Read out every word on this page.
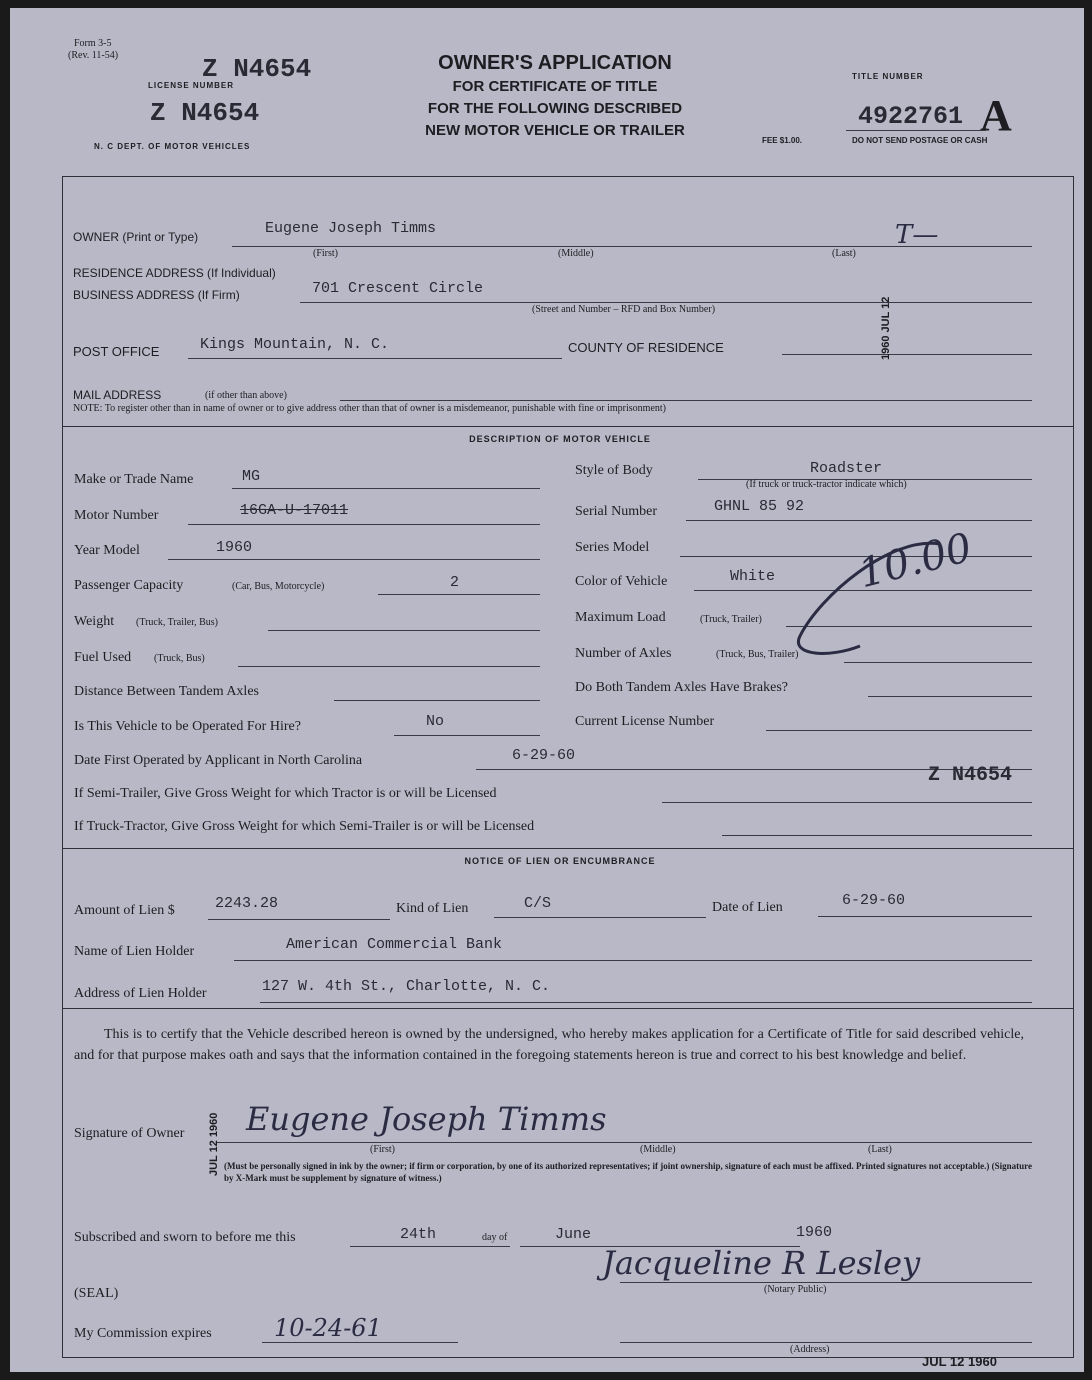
Form 3-5
(Rev. 11-54)	Z N4654
LICENSE NUMBER
Z N4654
N. C DEPT. OF MOTOR VEHICLES
OWNER'S APPLICATION
FOR CERTIFICATE OF TITLE
FOR THE FOLLOWING DESCRIBED
NEW MOTOR VEHICLE OR TRAILER
TITLE NUMBER
4922761 A
FEE $1.00.	DO NOT SEND POSTAGE OR CASH
OWNER (Print or Type)	Eugene Joseph Timms	T—
(First)	(Middle)	(Last)
RESIDENCE ADDRESS (If Individual)
BUSINESS ADDRESS (If Firm)	701 Crescent Circle
(Street and Number – RFD and Box Number)
POST OFFICE	Kings Mountain, N. C.	COUNTY OF RESIDENCE	1960 JUL 12
MAIL ADDRESS	(if other than above)
NOTE: To register other than in name of owner or to give address other than that of owner is a misdemeanor, punishable with fine or imprisonment)
DESCRIPTION OF MOTOR VEHICLE
Make or Trade Name	MG
Motor Number	16GA-U-17011
Year Model	1960
Passenger Capacity	(Car, Bus, Motorcycle)	2
Weight (Truck, Trailer, Bus)
Fuel Used (Truck, Bus)
Distance Between Tandem Axles
Is This Vehicle to be Operated For Hire?	No
Style of Body	Roadster
(If truck or truck-tractor indicate which)
Serial Number	GHNL 85 92
Series Model
Color of Vehicle	White
Maximum Load	(Truck, Trailer)
Number of Axles	(Truck, Bus, Trailer)
Do Both Tandem Axles Have Brakes?
Current License Number
Date First Operated by Applicant in North Carolina	6-29-60
Z N4654
If Semi-Trailer, Give Gross Weight for which Tractor is or will be Licensed
If Truck-Tractor, Give Gross Weight for which Semi-Trailer is or will be Licensed
10.00
NOTICE OF LIEN OR ENCUMBRANCE
Amount of Lien $	2243.28	Kind of Lien	C/S	Date of Lien	6-29-60
Name of Lien Holder	American Commercial Bank
Address of Lien Holder	127 W. 4th St., Charlotte, N. C.
This is to certify that the Vehicle described hereon is owned by the undersigned, who hereby makes application for a Certificate of Title for said described vehicle, and for that purpose makes oath and says that the information contained in the foregoing statements hereon is true and correct to his best knowledge and belief.
Signature of Owner Eugene Joseph Timms
(First)	(Middle)	(Last)
JUL 12 1960 (Must be personally signed in ink by the owner; if firm or corporation, by one of its authorized representatives; if joint ownership, signature of each must be affixed. Printed signatures not acceptable.) (Signature by X-Mark must be supplement by signature of witness.)
Subscribed and sworn to before me this	24th	day of	June	1960
Jacqueline R Lesley
(Notary Public)
(SEAL)
My Commission expires	10-24-61
(Address)
JUL 12 1960
